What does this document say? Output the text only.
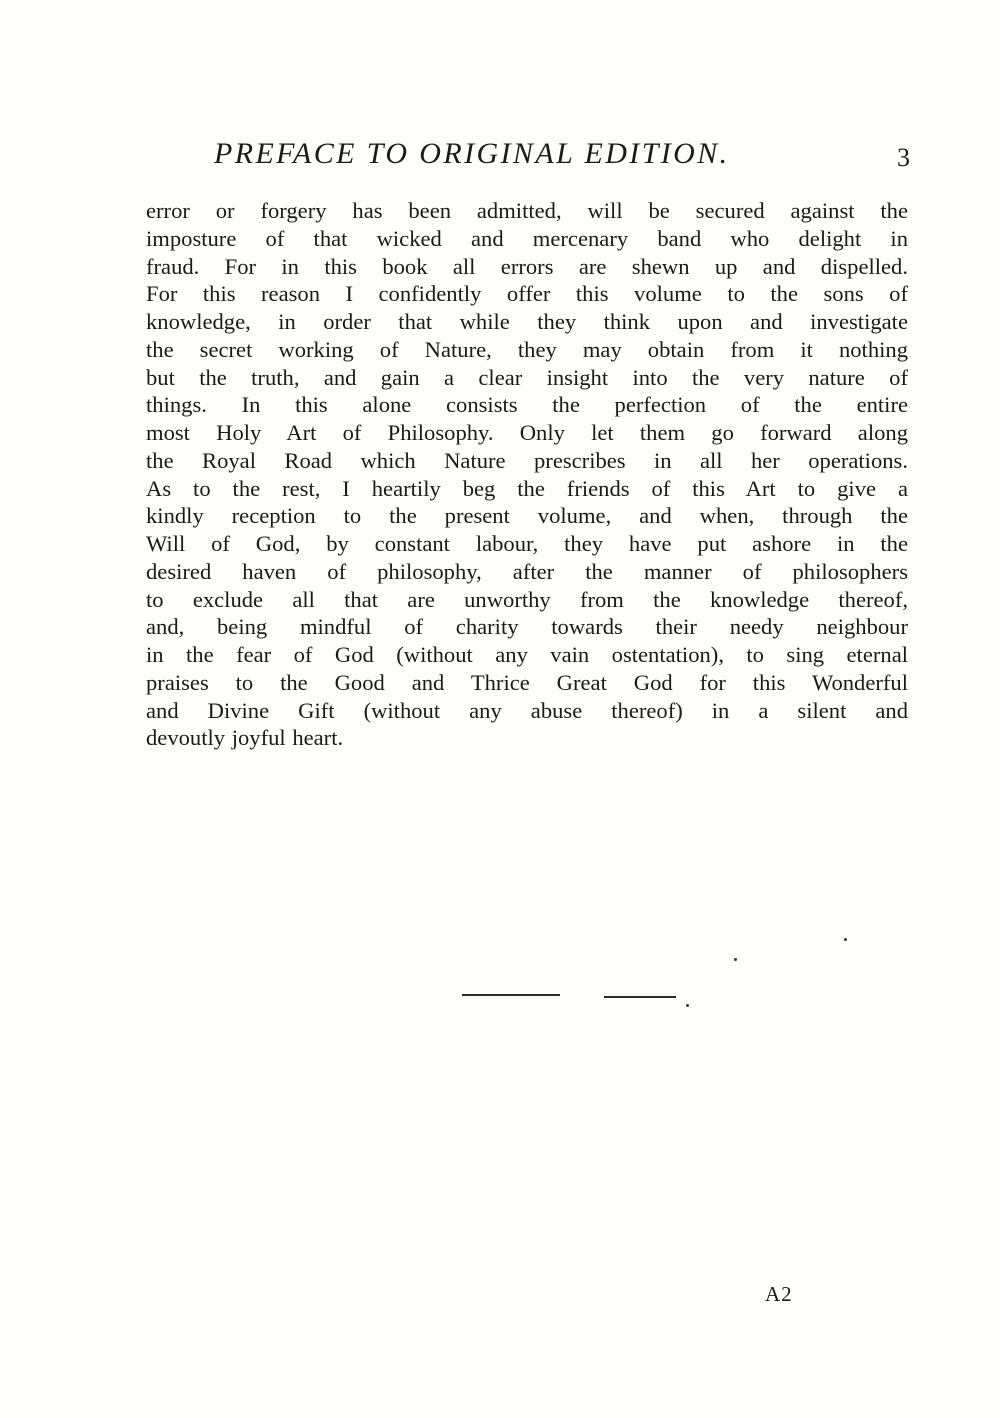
PREFACE TO ORIGINAL EDITION.	3
error or forgery has been admitted, will be secured against the
imposture of that wicked and mercenary band who delight in
fraud. For in this book all errors are shewn up and dispelled.
For this reason I confidently offer this volume to the sons of
knowledge, in order that while they think upon and investigate
the secret working of Nature, they may obtain from it nothing
but the truth, and gain a clear insight into the very nature of
things. In this alone consists the perfection of the entire
most Holy Art of Philosophy. Only let them go forward along
the Royal Road which Nature prescribes in all her operations.
As to the rest, I heartily beg the friends of this Art to give a
kindly reception to the present volume, and when, through the
Will of God, by constant labour, they have put ashore in the
desired haven of philosophy, after the manner of philosophers
to exclude all that are unworthy from the knowledge thereof,
and, being mindful of charity towards their needy neighbour
in the fear of God (without any vain ostentation), to sing eternal
praises to the Good and Thrice Great God for this Wonderful
and Divine Gift (without any abuse thereof) in a silent and
devoutly joyful heart.
A2
